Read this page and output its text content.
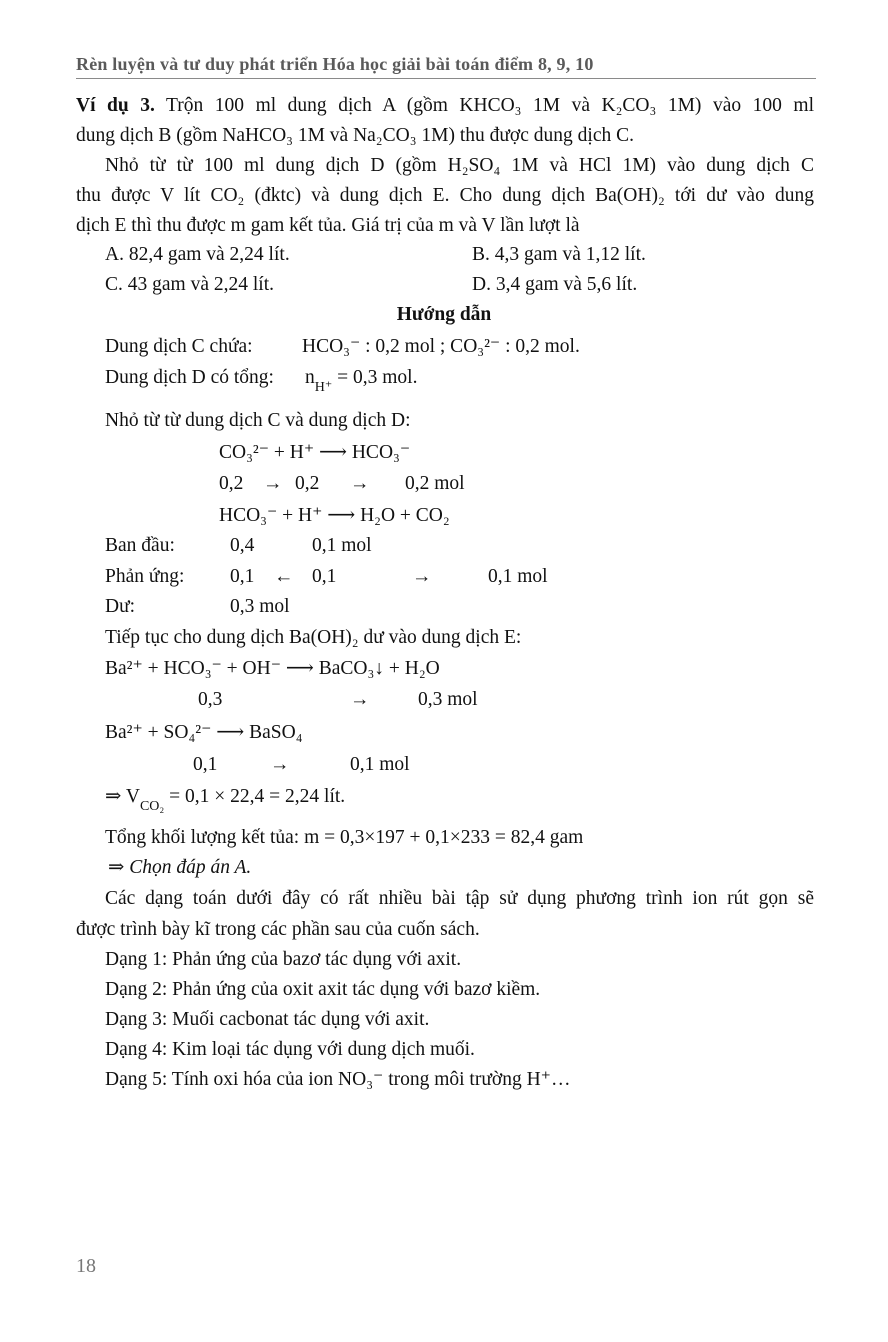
Rèn luyện và tư duy phát triển Hóa học giải bài toán điểm 8, 9, 10
Ví dụ 3. Trộn 100 ml dung dịch A (gồm KHCO₃ 1M và K₂CO₃ 1M) vào 100 ml
dung dịch B (gồm NaHCO₃ 1M và Na₂CO₃ 1M) thu được dung dịch C.
Nhỏ từ từ 100 ml dung dịch D (gồm H₂SO₄ 1M và HCl 1M) vào dung dịch C
thu được V lít CO₂ (đktc) và dung dịch E. Cho dung dịch Ba(OH)₂ tới dư vào dung
dịch E thì thu được m gam kết tủa. Giá trị của m và V lần lượt là
A. 82,4 gam và 2,24 lít.	B. 4,3 gam và 1,12 lít.
C. 43 gam và 2,24 lít.	D. 3,4 gam và 5,6 lít.
Hướng dẫn
Dung dịch C chứa:	HCO₃⁻ : 0,2 mol ; CO₃²⁻ : 0,2 mol.
Dung dịch D có tổng: $n_{H^+} = 0,3$ mol.
Nhỏ từ từ dung dịch C và dung dịch D:
CO₃²⁻ + H⁺ ⟶ HCO₃⁻
0,2 → 0,2 → 0,2 mol
HCO₃⁻ + H⁺ ⟶ H₂O + CO₂
Ban đầu:	0,4	0,1 mol
Phản ứng: 0,1 ← 0,1	→	0,1 mol
Dư:	0,3 mol
Tiếp tục cho dung dịch Ba(OH)₂ dư vào dung dịch E:
Ba²⁺ + HCO₃⁻ + OH⁻ ⟶ BaCO₃↓ + H₂O
0,3	→ 0,3 mol
Ba²⁺ + SO₄²⁻ ⟶ BaSO₄
0,1	→	0,1 mol
⇒ $V_{CO_2} = 0,1 \times 22,4 = 2,24$ lít.
Tổng khối lượng kết tủa: m = 0,3×197 + 0,1×233 = 82,4 gam
⇒ Chọn đáp án A.
Các dạng toán dưới đây có rất nhiều bài tập sử dụng phương trình ion rút gọn sẽ
được trình bày kĩ trong các phần sau của cuốn sách.
Dạng 1: Phản ứng của bazơ tác dụng với axit.
Dạng 2: Phản ứng của oxit axit tác dụng với bazơ kiềm.
Dạng 3: Muối cacbonat tác dụng với axit.
Dạng 4: Kim loại tác dụng với dung dịch muối.
Dạng 5: Tính oxi hóa của ion NO₃⁻ trong môi trường H⁺…
18
